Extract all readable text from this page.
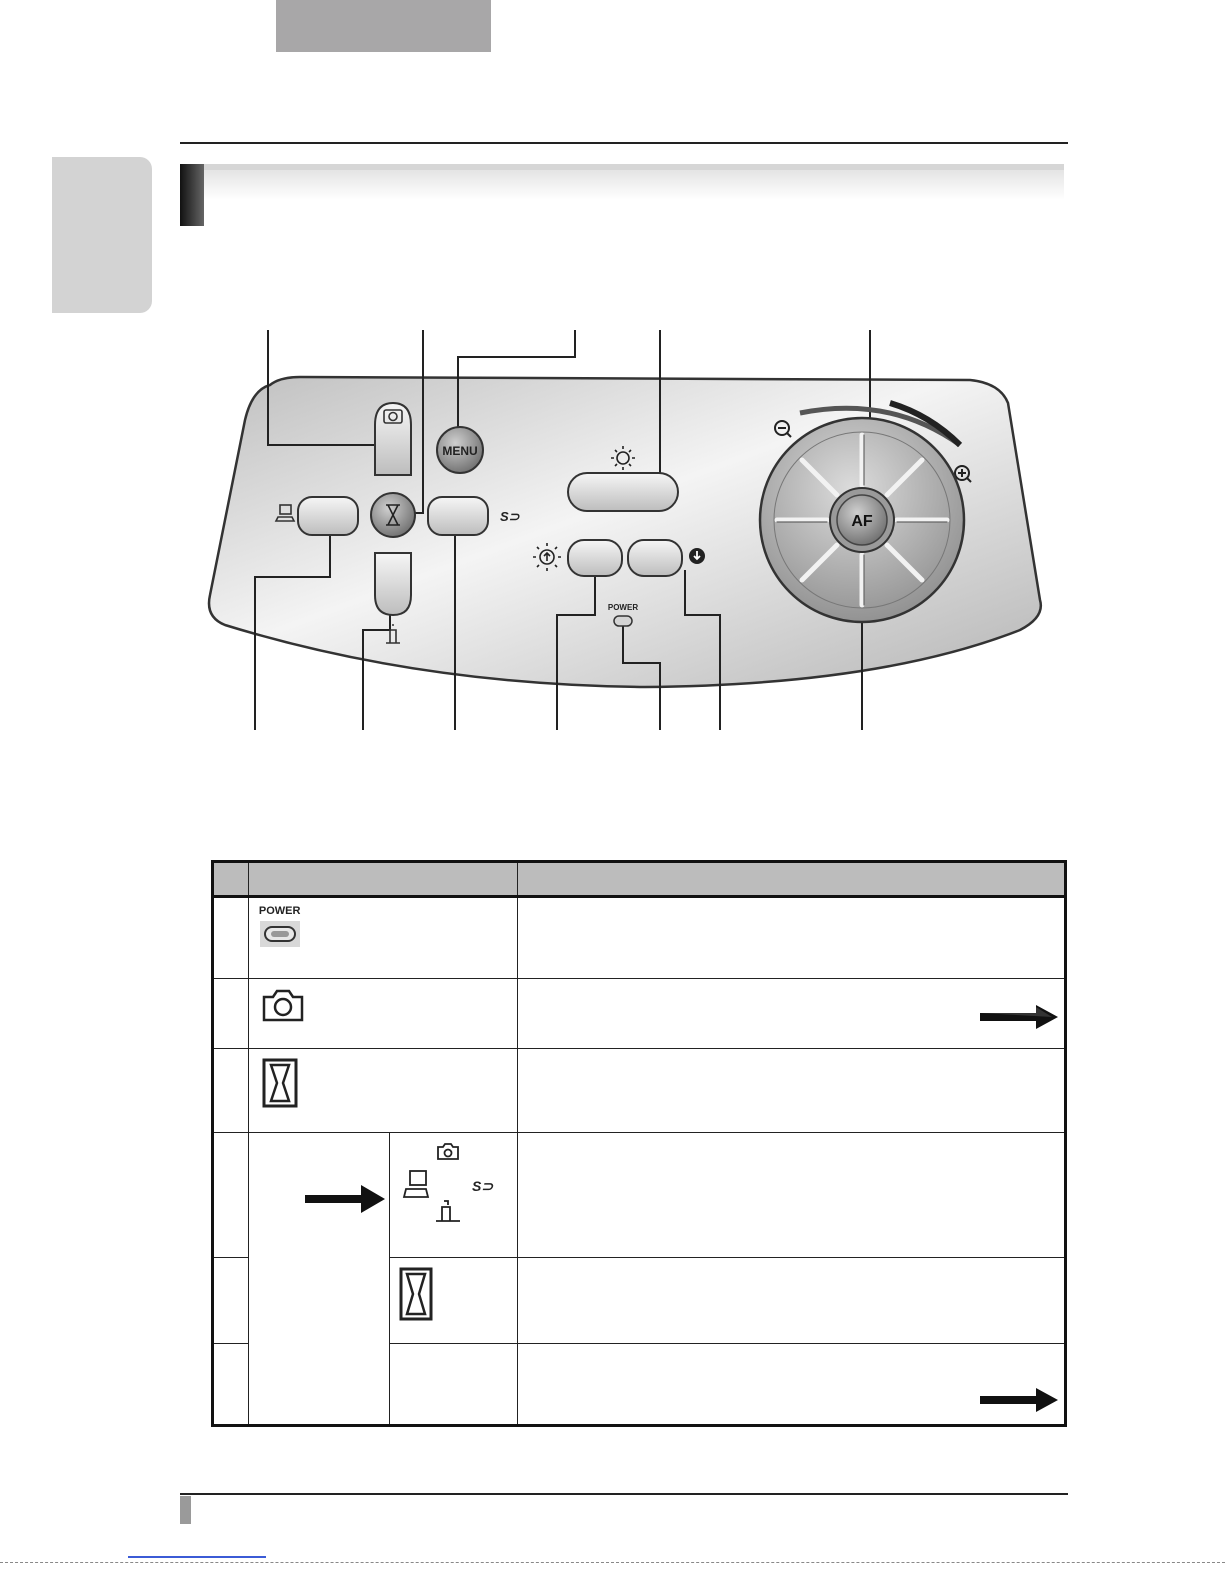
MENU
S⊃
POWER
AF

	POWER		

S⊃	
